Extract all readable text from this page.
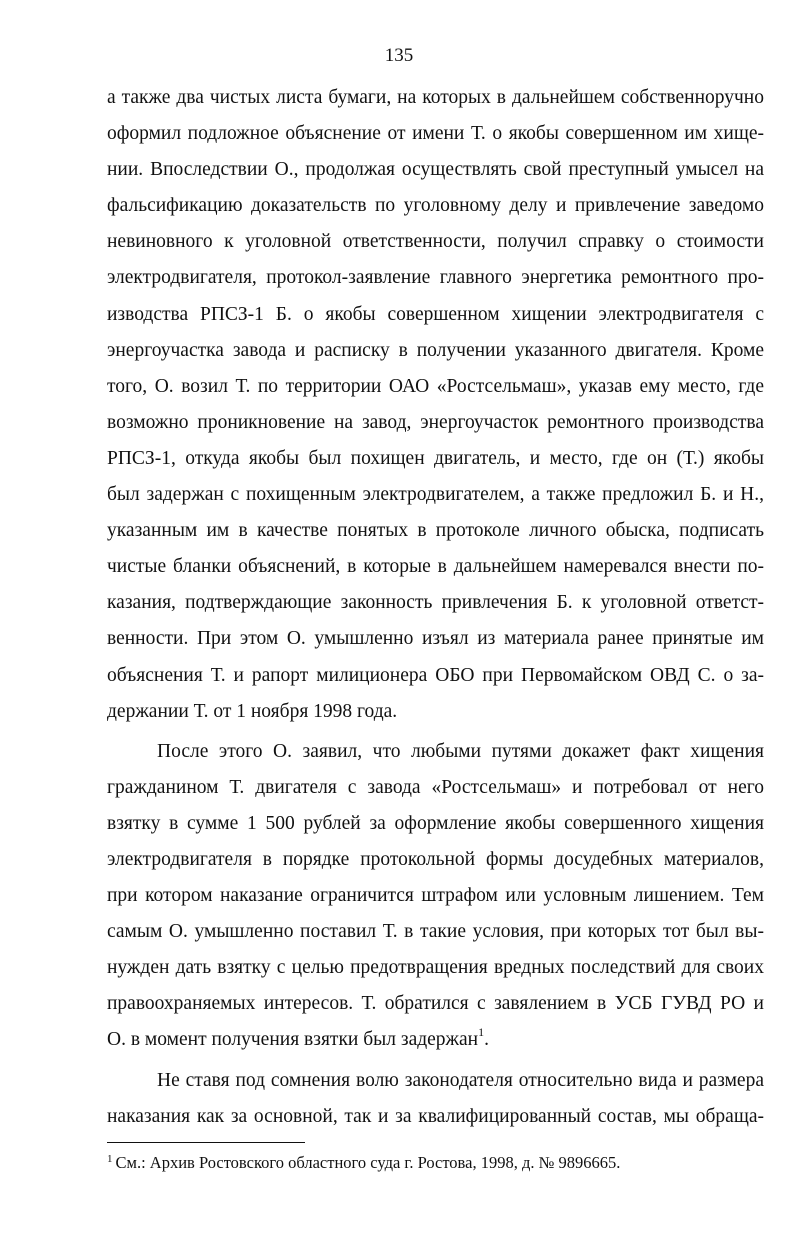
135
а также два чистых листа бумаги, на которых в дальнейшем собственноручно
оформил подложное объяснение от имени Т. о якобы совершенном им хище-
нии. Впоследствии О., продолжая осуществлять свой преступный умысел на
фальсификацию доказательств по уголовному делу и привлечение заведомо
невиновного к уголовной ответственности, получил справку о стоимости
электродвигателя, протокол-заявление главного энергетика ремонтного про-
изводства РПСЗ-1 Б. о якобы совершенном хищении электродвигателя с
энергоучастка завода и расписку в получении указанного двигателя. Кроме
того, О. возил Т. по территории ОАО «Ростсельмаш», указав ему место, где
возможно проникновение на завод, энергоучасток ремонтного производства
РПСЗ-1, откуда якобы был похищен двигатель, и место, где он (Т.) якобы
был задержан с похищенным электродвигателем, а также предложил Б. и Н.,
указанным им в качестве понятых в протоколе личного обыска, подписать
чистые бланки объяснений, в которые в дальнейшем намеревался внести по-
казания, подтверждающие законность привлечения Б. к уголовной ответст-
венности. При этом О. умышленно изъял из материала ранее принятые им
объяснения Т. и рапорт милиционера ОБО при Первомайском ОВД С. о за-
держании Т. от 1 ноября 1998 года.
После этого О. заявил, что любыми путями докажет факт хищения
гражданином Т. двигателя с завода «Ростсельмаш» и потребовал от него
взятку в сумме 1 500 рублей за оформление якобы совершенного хищения
электродвигателя в порядке протокольной формы досудебных материалов,
при котором наказание ограничится штрафом или условным лишением. Тем
самым О. умышленно поставил Т. в такие условия, при которых тот был вы-
нужден дать взятку с целью предотвращения вредных последствий для своих
правоохраняемых интересов. Т. обратился с завялением в УСБ ГУВД РО и
О. в момент получения взятки был задержан$^1$.
Не ставя под сомнения волю законодателя относительно вида и размера
наказания как за основной, так и за квалифицированный состав, мы обраща-
$^1$ См.: Архив Ростовского областного суда г. Ростова, 1998, д. № 9896665.
